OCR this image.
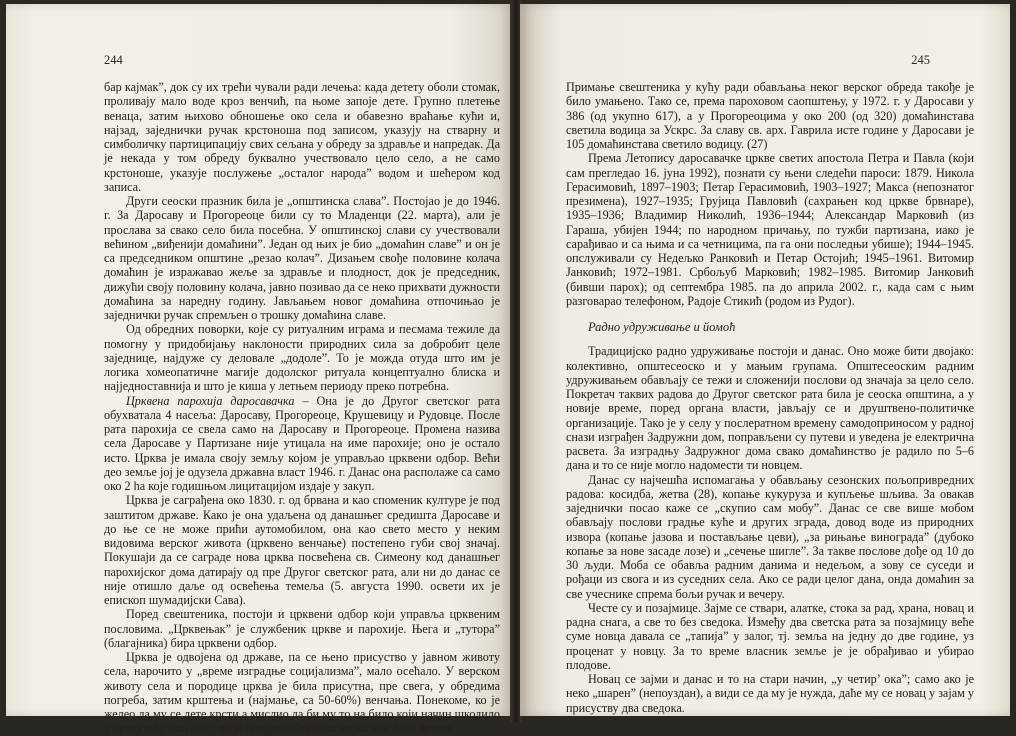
244

бар кајмак”, док су их трећи чували ради лечења: када детету оболи стомак, проливају мало воде кроз венчић, па њоме запоје дете. Групно плетење венаца, затим њихово обношење око села и обавезно враћање кући и, најзад, заједнички ручак крстоноша под записом, указују на стварну и симболичку партиципацију свих сељана у обреду за здравље и напредак. Да је некада у том обреду буквално учествовало цело село, а не само крстоноше, указује послужење „осталог народа” водом и шећером код записа.

Други сеоски празник била је „општинска слава”. Постојао је до 1946. г. За Даросаву и Прогореоце били су то Младенци (22. марта), али је прослава за свако село била посебна. У општинској слави су учествовали већином „виђенији домаћини”. Један од њих је био „домаћин славе” и он је са председником општине „резао колач”. Дизањем свође половине колача домаћин је изражавао жеље за здравље и плодност, док је председник, дижући своју половину колача, јавно позивао да се неко прихвати дужности домаћина за наредну годину. Јављањем новог домаћина отпочињао је заједнички ручак спремљен о трошку домаћина славе.

Од обредних поворки, које су ритуалним играма и песмама тежиле да помогну у придобијању наклоности природних сила за добробит целе заједнице, најдуже су деловале „додоле”. То је можда отуда што им је логика хомеопатичне магије додолског ритуала концептуално блиска и најједноставнија и што је киша у летњем периоду преко потребна.

Црквена парохија даросавачка – Она је до Другог светског рата обухватала 4 насеља: Даросаву, Прогореоце, Крушевицу и Рудовце. После рата парохија се свела само на Даросаву и Прогореоце. Промена назива села Даросаве у Партизане није утицала на име парохије; оно је остало исто. Црква је имала своју земљу којом је управљао црквени одбор. Већи део земље јој је одузела државна власт 1946. г. Данас она располаже са само око 2 ha које годишњом лицитацијом издаје у закуп.

Црква је саграђена око 1830. г. од брвана и као споменик културе је под заштитом државе. Како је она удаљена од данашњег средишта Даросаве и до ње се не може прићи аутомобилом, она као свето место у неким видовима верског живота (црквено венчање) постепено губи свој значај. Покушаји да се саграде нова црква посвећена св. Симеону код данашњег парохијског дома датирају од пре Другог светског рата, али ни до данас се није отишло даље од освећења темеља (5. августа 1990. освети их је епископ шумадијски Сава).

Поред свештеника, постоји и црквени одбор који управља црквеним пословима. „Црквењак” је службеник цркве и парохије. Њега и „тутора” (благајника) бира црквени одбор.

Црква је одвојена од државе, па се њено присуство у јавном животу села, нарочито у „време изградње социјализма”, мало осећало. У верском животу села и породице црква је била присутна, пре свега, у обредима погреба, затим крштења и (најмање, са 50-60%) венчања. Понекоме, ко је желео да му се дете крсти а мислио да би му то на било који начин шкодило у предузећу или селу, то је потајно обављала мајка или баба детета.

245

Примање свештеника у кућу ради обављања неког верског обреда такође је било умањено. Тако се, према пароховом саопштењу, у 1972. г. у Даросави у 386 (од укупно 617), а у Прогореоцима у око 200 (од 320) домаћинстава светила водица за Ускрс. За славу св. арх. Гаврила исте године у Даросави је 105 домаћинстава светило водицу. (27)

Према Летопису даросавачке цркве светих апостола Петра и Павла (који сам прегледао 16. јуна 1992), познати су њени следећи пароси: 1879. Никола Герасимовић, 1897–1903; Петар Герасимовић, 1903–1927; Макса (непознатог презимена), 1927–1935; Грујица Павловић (сахрањен код црквe брвнаре), 1935–1936; Владимир Николић, 1936–1944; Александар Марковић (из Гараша, убијен 1944; по народном причању, по тужби партизана, иако је сарађивао и са њима и са четницима, па га они последњи убише); 1944–1945. опслуживали су Недељко Ранковић и Петар Остојић; 1945–1961. Витомир Јанковић; 1972–1981. Србољуб Марковић; 1982–1985. Витомир Јанковић (бивши парох); од септембра 1985. па до априла 2002. г., када сам с њим разговарао телефоном, Радоје Стикић (родом из Рудог).

Радно удруживање и йомоћ

Традицијско радно удруживање постоји и данас. Оно може бити двојако: колективно, општесеоско и у мањим групама. Општесеоским радним удруживањем обављају се тежи и сложенији послови од значаја за цело село. Покретач таквих радова до Другог светског рата била је сеоска општина, а у новије време, поред органа власти, јављају се и друштвено-политичке организације. Тако је у селу у послератном времену самодоприносом у радној снази изграђен Задружни дом, поправљени су путеви и уведена је електрична расвета. За изградњу Задружног дома свако домаћинство је радило по 5–6 дана и то се није могло надомести ти новцем.

Данас су најчешћа испомагања у обављању сезонских пољопривредних радова: косидба, жетва (28), копање кукуруза и купљење шљива. За овакав заједнички посао каже се „скупио сам мобу”. Данас се све више мобом обављају послови градње куће и других зграда, довод воде из природних извора (копање јазова и постављање цеви), „за рињање винограда” (дубоко копање за нове засаде лозе) и „сечење шигле”. За такве послове дође од 10 до 30 људи. Моба се обавља радним данима и недељом, а зову се суседи и рођаци из свога и из суседних села. Ако се ради целог дана, онда домаћин за све учеснике спрема бољи ручак и вечеру.

Честе су и позајмице. Зајме се ствари, алатке, стока за рад, храна, новац и радна снага, а све то без сведока. Између два светска рата за позајмицу веће суме новца давала се „тапија” у залог, тј. земља на једну до две године, уз проценат у новцу. За то време власник земље је је обрађивао и убирао плодове.

Новац се зајми и данас и то на стари начин, „у четир’ ока”; само ако је неко „шарен” (непоуздан), а види се да му је нужда, даће му се новац у зајам у присуству два сведока.
